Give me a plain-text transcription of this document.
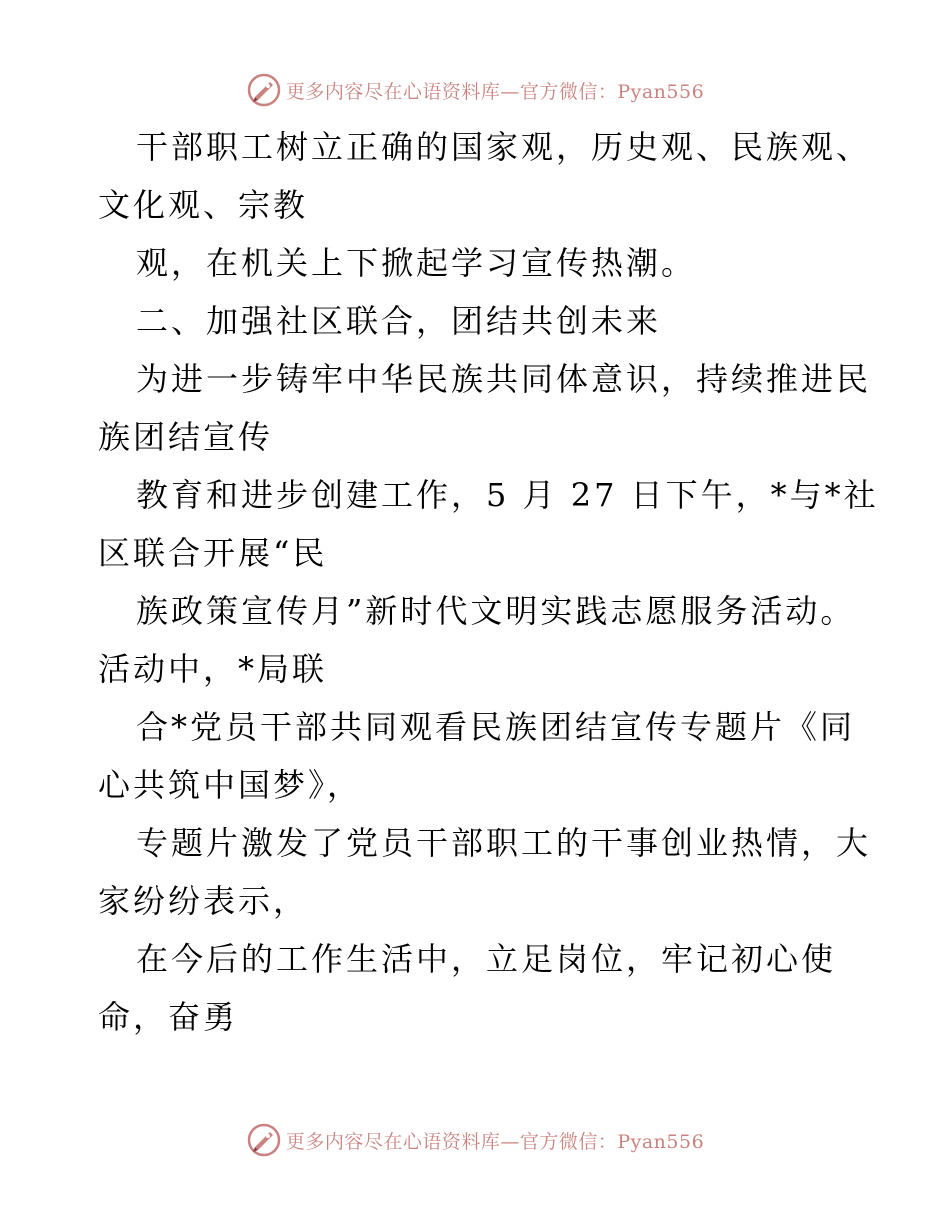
更多内容尽在心语资料库—官方微信：Pyan556
干部职工树立正确的国家观，历史观、民族观、
文化观、宗教
观，在机关上下掀起学习宣传热潮。
二、加强社区联合，团结共创未来
为进一步铸牢中华民族共同体意识，持续推进民
族团结宣传
教育和进步创建工作，5 月 27 日下午，*与*社
区联合开展“民
族政策宣传月”新时代文明实践志愿服务活动。
活动中，*局联
合*党员干部共同观看民族团结宣传专题片《同
心共筑中国梦》，
专题片激发了党员干部职工的干事创业热情，大
家纷纷表示，
在今后的工作生活中，立足岗位，牢记初心使
命，奋勇
更多内容尽在心语资料库—官方微信：Pyan556
